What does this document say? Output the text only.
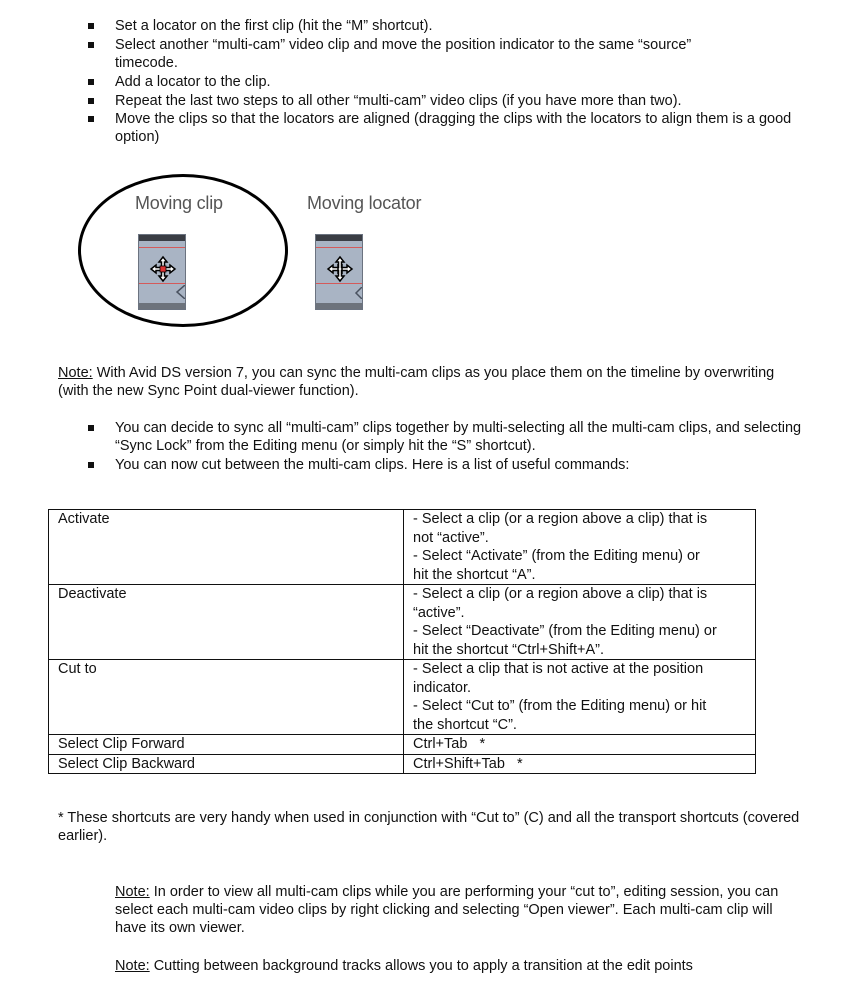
Set a locator on the first clip (hit the “M” shortcut).
Select another “multi-cam” video clip and move the position indicator to the same “source” timecode.
Add a locator to the clip.
Repeat the last two steps to all other “multi-cam” video clips (if you have more than two).
Move the clips so that the locators are aligned (dragging the clips with the locators to align them is a good option)
Moving clip	Moving locator
Note: With Avid DS version 7, you can sync the multi-cam clips as you place them on the timeline by overwriting (with the new Sync Point dual-viewer function).
You can decide to sync all “multi-cam” clips together by multi-selecting all the multi-cam clips, and selecting “Sync Lock” from the Editing menu (or simply hit the “S” shortcut).
You can now cut between the multi-cam clips. Here is a list of useful commands:
Activate	- Select a clip (or a region above a clip) that is
not “active”.
- Select “Activate” (from the Editing menu) or
hit the shortcut “A”.

Deactivate	- Select a clip (or a region above a clip) that is
“active”.
- Select “Deactivate” (from the Editing menu) or
hit the shortcut “Ctrl+Shift+A”.

Cut to	- Select a clip that is not active at the position
indicator.
- Select “Cut to” (from the Editing menu) or hit
the shortcut “C”.

Select Clip Forward	Ctrl+Tab   *

Select Clip Backward	Ctrl+Shift+Tab   *
* These shortcuts are very handy when used in conjunction with “Cut to” (C) and all the transport shortcuts (covered earlier).
Note: In order to view all multi-cam clips while you are performing your “cut to”, editing session, you can select each multi-cam video clips by right clicking and selecting “Open viewer”. Each multi-cam clip will have its own viewer.
Note: Cutting between background tracks allows you to apply a transition at the edit points
